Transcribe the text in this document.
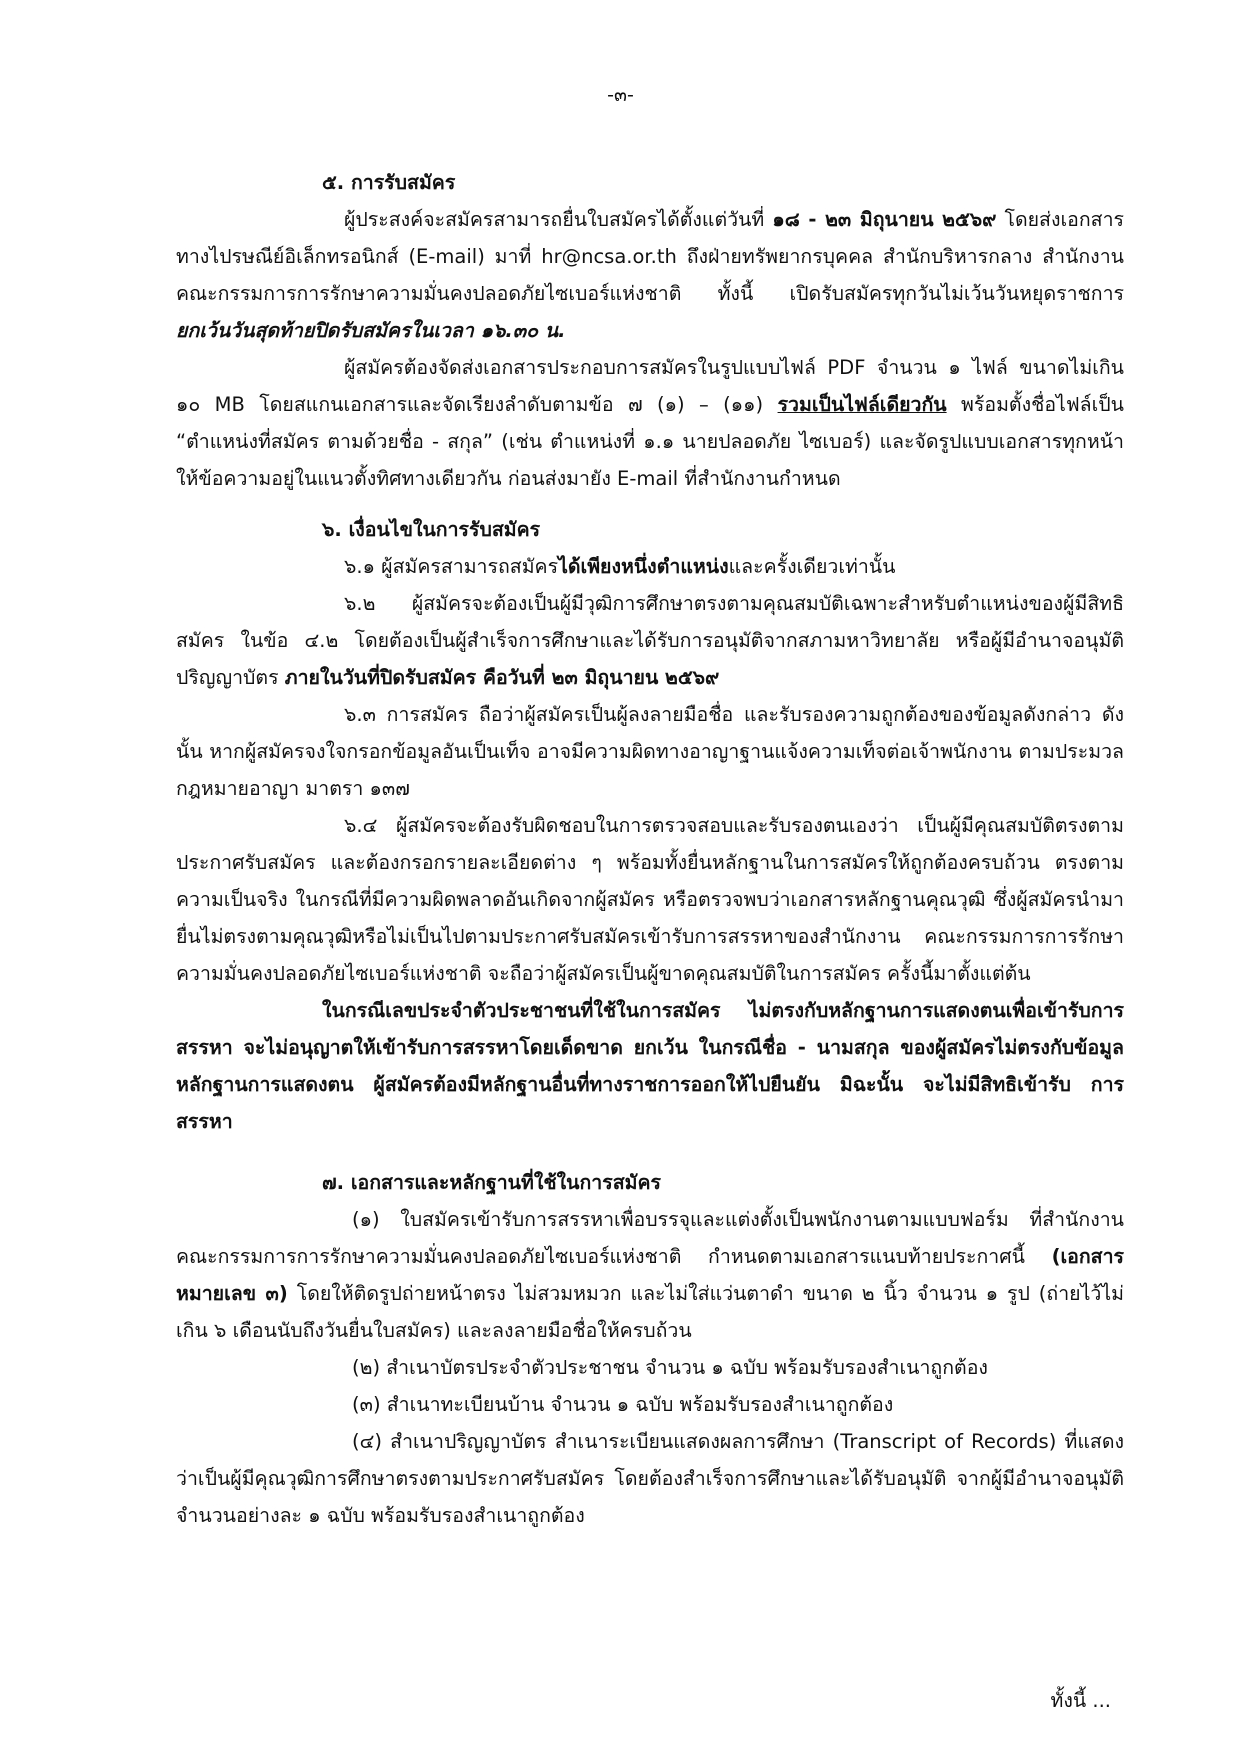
-๓-
๕. การรับสมัคร
ผู้ประสงค์จะสมัครสามารถยื่นใบสมัครได้ตั้งแต่วันที่ ๑๘ - ๒๓ มิถุนายน ๒๕๖๙ โดยส่งเอกสารทางไปรษณีย์อิเล็กทรอนิกส์ (E-mail) มาที่ hr@ncsa.or.th ถึงฝ่ายทรัพยากรบุคคล สำนักบริหารกลาง สำนักงานคณะกรรมการการรักษาความมั่นคงปลอดภัยไซเบอร์แห่งชาติ ทั้งนี้ เปิดรับสมัครทุกวันไม่เว้นวันหยุดราชการ ยกเว้นวันสุดท้ายปิดรับสมัครในเวลา ๑๖.๓๐ น.
ผู้สมัครต้องจัดส่งเอกสารประกอบการสมัครในรูปแบบไฟล์ PDF จำนวน ๑ ไฟล์ ขนาดไม่เกิน ๑๐ MB โดยสแกนเอกสารและจัดเรียงลำดับตามข้อ ๗ (๑) – (๑๑) รวมเป็นไฟล์เดียวกัน พร้อมตั้งชื่อไฟล์เป็น “ตำแหน่งที่สมัคร ตามด้วยชื่อ - สกุล” (เช่น ตำแหน่งที่ ๑.๑ นายปลอดภัย ไซเบอร์) และจัดรูปแบบเอกสารทุกหน้าให้ข้อความอยู่ในแนวตั้งทิศทางเดียวกัน ก่อนส่งมายัง E-mail ที่สำนักงานกำหนด
๖. เงื่อนไขในการรับสมัคร
๖.๑ ผู้สมัครสามารถสมัครได้เพียงหนึ่งตำแหน่งและครั้งเดียวเท่านั้น
๖.๒ ผู้สมัครจะต้องเป็นผู้มีวุฒิการศึกษาตรงตามคุณสมบัติเฉพาะสำหรับตำแหน่งของผู้มีสิทธิสมัคร ในข้อ ๔.๒ โดยต้องเป็นผู้สำเร็จการศึกษาและได้รับการอนุมัติจากสภามหาวิทยาลัย หรือผู้มีอำนาจอนุมัติปริญญาบัตร ภายในวันที่ปิดรับสมัคร คือวันที่ ๒๓ มิถุนายน ๒๕๖๙
๖.๓ การสมัคร ถือว่าผู้สมัครเป็นผู้ลงลายมือชื่อ และรับรองความถูกต้องของข้อมูลดังกล่าว ดังนั้น หากผู้สมัครจงใจกรอกข้อมูลอันเป็นเท็จ อาจมีความผิดทางอาญาฐานแจ้งความเท็จต่อเจ้าพนักงาน ตามประมวลกฎหมายอาญา มาตรา ๑๓๗
๖.๔ ผู้สมัครจะต้องรับผิดชอบในการตรวจสอบและรับรองตนเองว่า เป็นผู้มีคุณสมบัติตรงตามประกาศรับสมัคร และต้องกรอกรายละเอียดต่าง ๆ พร้อมทั้งยื่นหลักฐานในการสมัครให้ถูกต้องครบถ้วน ตรงตามความเป็นจริง ในกรณีที่มีความผิดพลาดอันเกิดจากผู้สมัคร หรือตรวจพบว่าเอกสารหลักฐานคุณวุฒิ ซึ่งผู้สมัครนำมายื่นไม่ตรงตามคุณวุฒิหรือไม่เป็นไปตามประกาศรับสมัครเข้ารับการสรรหาของสำนักงาน คณะกรรมการการรักษาความมั่นคงปลอดภัยไซเบอร์แห่งชาติ จะถือว่าผู้สมัครเป็นผู้ขาดคุณสมบัติในการสมัคร ครั้งนี้มาตั้งแต่ต้น
ในกรณีเลขประจำตัวประชาชนที่ใช้ในการสมัคร ไม่ตรงกับหลักฐานการแสดงตนเพื่อเข้ารับการสรรหา จะไม่อนุญาตให้เข้ารับการสรรหาโดยเด็ดขาด ยกเว้น ในกรณีชื่อ - นามสกุล ของผู้สมัครไม่ตรงกับข้อมูล หลักฐานการแสดงตน ผู้สมัครต้องมีหลักฐานอื่นที่ทางราชการออกให้ไปยืนยัน มิฉะนั้น จะไม่มีสิทธิเข้ารับ การสรรหา
๗. เอกสารและหลักฐานที่ใช้ในการสมัคร
(๑) ใบสมัครเข้ารับการสรรหาเพื่อบรรจุและแต่งตั้งเป็นพนักงานตามแบบฟอร์ม ที่สำนักงานคณะกรรมการการรักษาความมั่นคงปลอดภัยไซเบอร์แห่งชาติ กำหนดตามเอกสารแนบท้ายประกาศนี้ (เอกสารหมายเลข ๓) โดยให้ติดรูปถ่ายหน้าตรง ไม่สวมหมวก และไม่ใส่แว่นตาดำ ขนาด ๒ นิ้ว จำนวน ๑ รูป (ถ่ายไว้ไม่เกิน ๖ เดือนนับถึงวันยื่นใบสมัคร) และลงลายมือชื่อให้ครบถ้วน
(๒) สำเนาบัตรประจำตัวประชาชน จำนวน ๑ ฉบับ พร้อมรับรองสำเนาถูกต้อง
(๓) สำเนาทะเบียนบ้าน จำนวน ๑ ฉบับ พร้อมรับรองสำเนาถูกต้อง
(๔) สำเนาปริญญาบัตร สำเนาระเบียนแสดงผลการศึกษา (Transcript of Records) ที่แสดงว่าเป็นผู้มีคุณวุฒิการศึกษาตรงตามประกาศรับสมัคร โดยต้องสำเร็จการศึกษาและได้รับอนุมัติ จากผู้มีอำนาจอนุมัติ จำนวนอย่างละ ๑ ฉบับ พร้อมรับรองสำเนาถูกต้อง
ทั้งนี้ ...
